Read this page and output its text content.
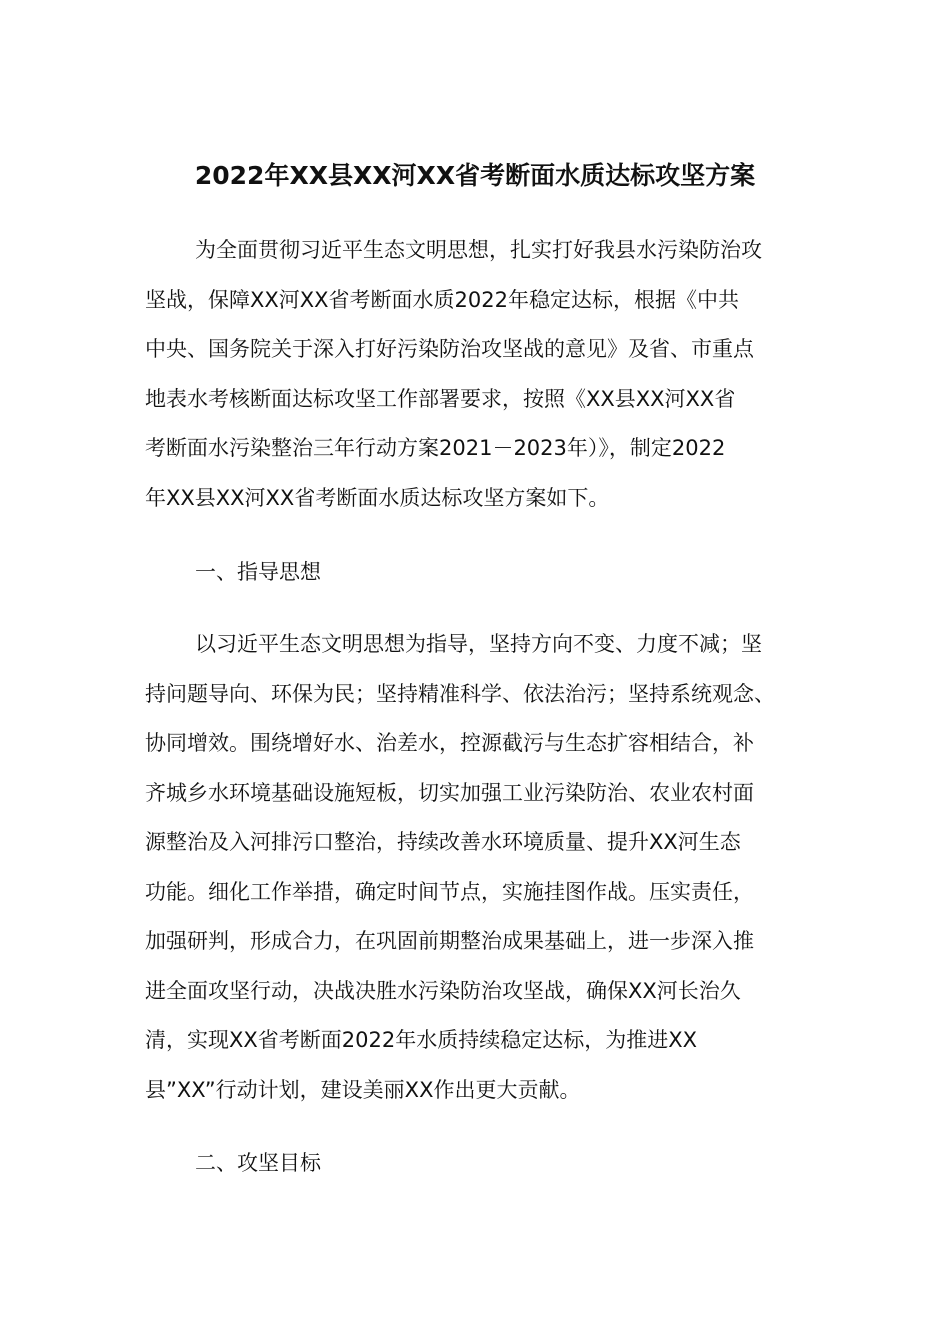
2022年XX县XX河XX省考断面水质达标攻坚方案
为全面贯彻习近平生态文明思想，扎实打好我县水污染防治攻
坚战，保障XX河XX省考断面水质2022年稳定达标，根据《中共
中央、国务院关于深入打好污染防治攻坚战的意见》及省、市重点
地表水考核断面达标攻坚工作部署要求，按照《XX县XX河XX省
考断面水污染整治三年行动方案2021－2023年）》，制定2022
年XX县XX河XX省考断面水质达标攻坚方案如下。
一、指导思想
以习近平生态文明思想为指导，坚持方向不变、力度不减；坚
持问题导向、环保为民；坚持精准科学、依法治污；坚持系统观念、
协同增效。围绕增好水、治差水，控源截污与生态扩容相结合，补
齐城乡水环境基础设施短板，切实加强工业污染防治、农业农村面
源整治及入河排污口整治，持续改善水环境质量、提升XX河生态
功能。细化工作举措，确定时间节点，实施挂图作战。压实责任，
加强研判，形成合力，在巩固前期整治成果基础上，进一步深入推
进全面攻坚行动，决战决胜水污染防治攻坚战，确保XX河长治久
清，实现XX省考断面2022年水质持续稳定达标，为推进XX
县”XX”行动计划，建设美丽XX作出更大贡献。
二、攻坚目标
